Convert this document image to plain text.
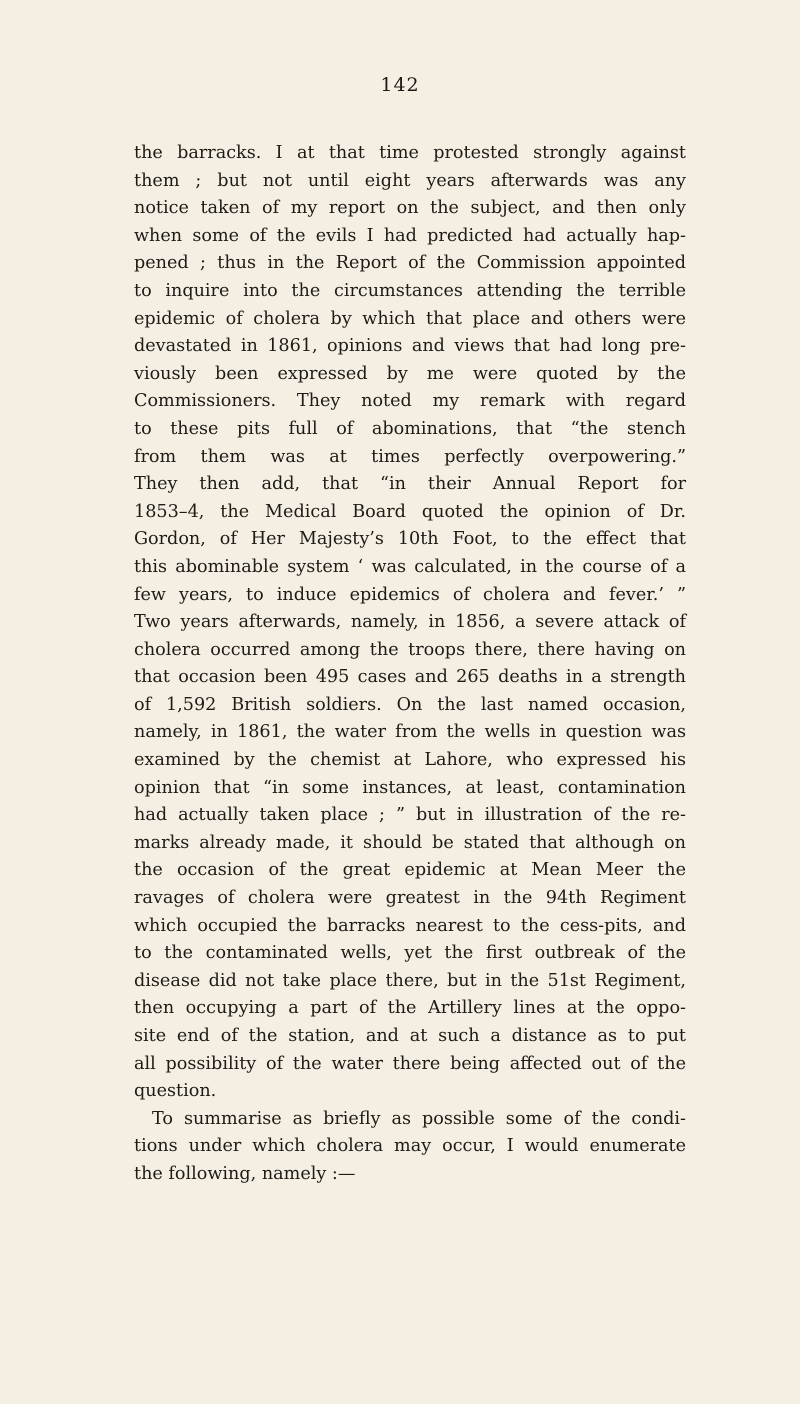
142
the barracks. I at that time protested strongly against
them ; but not until eight years afterwards was any
notice taken of my report on the subject, and then only
when some of the evils I had predicted had actually hap-
pened ; thus in the Report of the Commission appointed
to inquire into the circumstances attending the terrible
epidemic of cholera by which that place and others were
devastated in 1861, opinions and views that had long pre-
viously been expressed by me were quoted by the
Commissioners. They noted my remark with regard
to these pits full of abominations, that “the stench
from them was at times perfectly overpowering.”
They then add, that “in their Annual Report for
1853–4, the Medical Board quoted the opinion of Dr.
Gordon, of Her Majesty’s 10th Foot, to the effect that
this abominable system ‘ was calculated, in the course of a
few years, to induce epidemics of cholera and fever.’ ”
Two years afterwards, namely, in 1856, a severe attack of
cholera occurred among the troops there, there having on
that occasion been 495 cases and 265 deaths in a strength
of 1,592 British soldiers. On the last named occasion,
namely, in 1861, the water from the wells in question was
examined by the chemist at Lahore, who expressed his
opinion that “in some instances, at least, contamination
had actually taken place ; ” but in illustration of the re-
marks already made, it should be stated that although on
the occasion of the great epidemic at Mean Meer the
ravages of cholera were greatest in the 94th Regiment
which occupied the barracks nearest to the cess-pits, and
to the contaminated wells, yet the first outbreak of the
disease did not take place there, but in the 51st Regiment,
then occupying a part of the Artillery lines at the oppo-
site end of the station, and at such a distance as to put
all possibility of the water there being affected out of the
question.
To summarise as briefly as possible some of the condi-
tions under which cholera may occur, I would enumerate
the following, namely :—
